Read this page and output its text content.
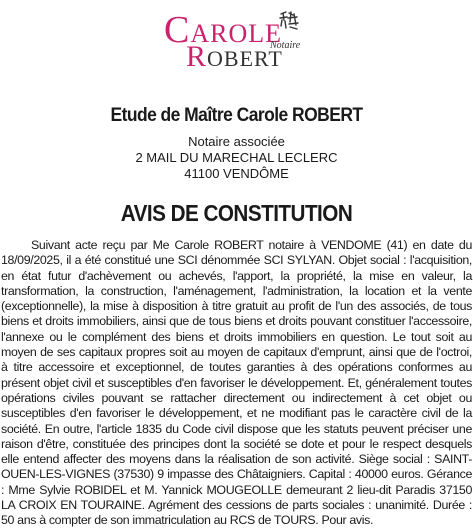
CAROLE
ROBERT
Notaire
Etude de Maître Carole ROBERT
Notaire associée
2 MAIL DU MARECHAL LECLERC
41100 VENDÔME
AVIS DE CONSTITUTION

Suivant acte reçu par Me Carole ROBERT notaire à VENDOME (41) en date du 18/09/2025, il a été constitué une SCI dénommée SCI SYLYAN. Objet social : l'acquisition, en état futur d'achèvement ou achevés, l'apport, la propriété, la mise en valeur, la transformation, la construction, l'aménagement, l'administration, la location et la vente (exceptionnelle), la mise à disposition à titre gratuit au profit de l'un des associés, de tous biens et droits immobiliers, ainsi que de tous biens et droits pouvant constituer l'accessoire, l'annexe ou le complément des biens et droits immobiliers en question. Le tout soit au moyen de ses capitaux propres soit au moyen de capitaux d'emprunt, ainsi que de l'octroi, à titre accessoire et exceptionnel, de toutes garanties à des opérations conformes au présent objet civil et susceptibles d'en favoriser le développement. Et, généralement toutes opérations civiles pouvant se rattacher directement ou indirectement à cet objet ou susceptibles d'en favoriser le développement, et ne modifiant pas le caractère civil de la société. En outre, l'article 1835 du Code civil dispose que les statuts peuvent préciser une raison d'être, constituée des principes dont la société se dote et pour le respect desquels elle entend affecter des moyens dans la réalisation de son activité. Siège social : SAINT-OUEN-LES-VIGNES (37530) 9 impasse des Châtaigniers. Capital : 40000 euros. Gérance : Mme Sylvie ROBIDEL et M. Yannick MOUGEOLLE demeurant 2 lieu-dit Paradis 37150 LA CROIX EN TOURAINE. Agrément des cessions de parts sociales : unanimité. Durée : 50 ans à compter de son immatriculation au RCS de TOURS. Pour avis.
